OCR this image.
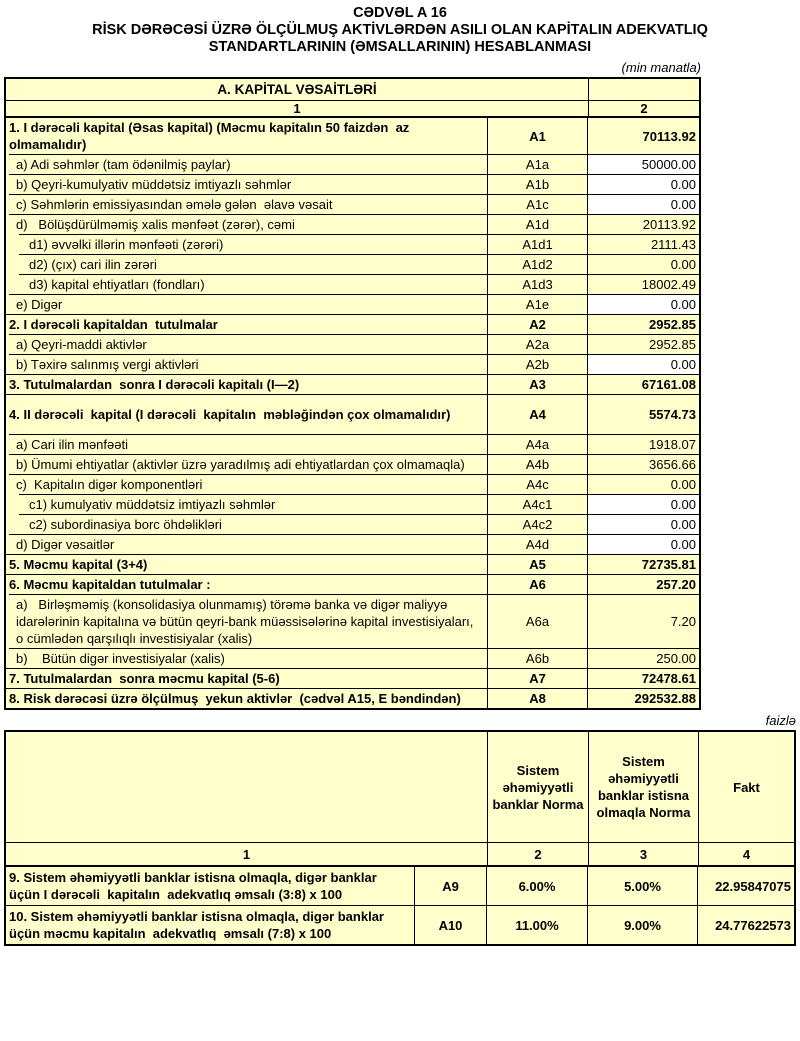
CƏDVƏL A 16
RİSK DƏRƏCƏSİ ÜZRƏ ÖLÇÜLMUŞ AKTİVLƏRDƏN ASILI OLAN KAPİTALIN ADEKVATLIQ
STANDARTLARININ (ƏMSALLARININ) HESABLANMASI
(min manatla)
A. KAPİTAL VƏSAİTLƏRİ
1	2
1. I dərəcəli kapital (Əsas kapital) (Məcmu kapitalın 50 faizdən  az olmamalıdır)
A1	70113.92
a) Adi səhmlər (tam ödənilmiş paylar)	A1a	50000.00
b) Qeyri-kumulyativ müddətsiz imtiyazlı səhmlər	A1b	0.00
c) Səhmlərin emissiyasından əmələ gələn  əlavə vəsait	A1c	0.00
d)   Bölüşdürülməmiş xalis mənfəət (zərər), cəmi	A1d	20113.92
d1) əvvəlki illərin mənfəəti (zərəri)	A1d1	2111.43
d2) (çıx) cari ilin zərəri	A1d2	0.00
d3) kapital ehtiyatları (fondları)	A1d3	18002.49
e) Digər	A1e	0.00
2. I dərəcəli kapitaldan  tutulmalar	A2	2952.85
a) Qeyri-maddi aktivlər	A2a	2952.85
b) Təxirə salınmış vergi aktivləri	A2b	0.00
3. Tutulmalardan  sonra I dərəcəli kapitalı (I—2)	A3	67161.08
4. II dərəcəli  kapital (I dərəcəli  kapitalın  məbləğindən çox olmamalıdır)	A4	5574.73
a) Cari ilin mənfəəti	A4a	1918.07
b) Ümumi ehtiyatlar (aktivlər üzrə yaradılmış adi ehtiyatlardan çox olmamaqla)	A4b	3656.66
c)  Kapitalın digər komponentləri	A4c	0.00
c1) kumulyativ müddətsiz imtiyazlı səhmlər	A4c1	0.00
c2) subordinasiya borc öhdəlikləri	A4c2	0.00
d) Digər vəsaitlər	A4d	0.00
5. Məcmu kapital (3+4)	A5	72735.81
6. Məcmu kapitaldan tutulmalar :	A6	257.20
a)   Birləşməmiş (konsolidasiya olunmamış) törəmə banka və digər maliyyə idarələrinin kapitalına və bütün qeyri-bank müəssisələrinə kapital investisiyaları, o cümlədən qarşılıqlı investisiyalar (xalis)
A6a	7.20
b)    Bütün digər investisiyalar (xalis)	A6b	250.00
7. Tutulmalardan  sonra məcmu kapital (5-6)	A7	72478.61
8. Risk dərəcəsi üzrə ölçülmuş  yekun aktivlər  (cədvəl A15, E bəndindən)	A8	292532.88
faizlə
Sistem əhəmiyyətli banklar Norma
Sistem əhəmiyyətli banklar istisna olmaqla Norma
Fakt
1	2	3	4
9. Sistem əhəmiyyətli banklar istisna olmaqla, digər banklar üçün I dərəcəli  kapitalın  adekvatlıq əmsalı (3:8) x 100
A9	6.00%	5.00%	22.95847075
10. Sistem əhəmiyyətli banklar istisna olmaqla, digər banklar üçün məcmu kapitalın  adekvatlıq  əmsalı (7:8) x 100
A10	11.00%	9.00%	24.77622573
